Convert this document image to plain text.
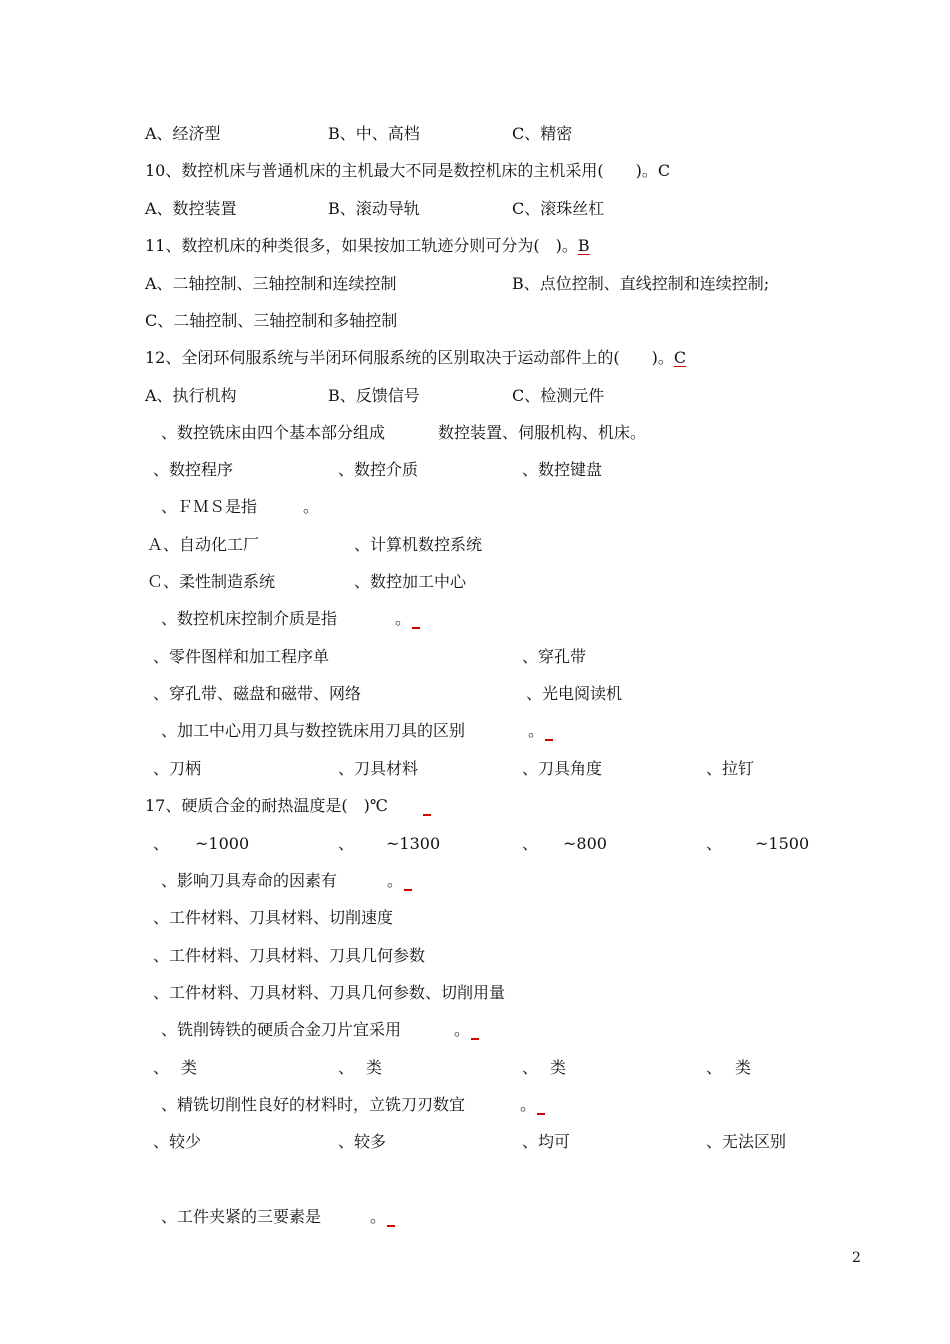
A、经济型	B、中、高档	C、精密
10、数控机床与普通机床的主机最大不同是数控机床的主机采用(　　)。C
A、数控装置	B、滚动导轨	C、滚珠丝杠
11、数控机床的种类很多，如果按加工轨迹分则可分为(　)。B
A、二轴控制、三轴控制和连续控制	B、点位控制、直线控制和连续控制;
C、二轴控制、三轴控制和多轴控制
12、全闭环伺服系统与半闭环伺服系统的区别取决于运动部件上的(　　)。C
A、执行机构	B、反馈信号	C、检测元件
、数控铣床由四个基本部分组成	数控装置、伺服机构、机床。
、数控程序	、数控介质	、数控键盘
、ＦＭＳ是指	。
Ａ、自动化工厂	、计算机数控系统
Ｃ、柔性制造系统	、数控加工中心
、数控机床控制介质是指	。
、零件图样和加工程序单	、穿孔带
、穿孔带、磁盘和磁带、网络	、光电阅读机
、加工中心用刀具与数控铣床用刀具的区别	。
、刀柄	、刀具材料	、刀具角度	、拉钉
17、硬质合金的耐热温度是(　)℃
、 ~1000	、 ~1300	、 ~800	、 ~1500
、影响刀具寿命的因素有	。
、工件材料、刀具材料、切削速度
、工件材料、刀具材料、刀具几何参数
、工件材料、刀具材料、刀具几何参数、切削用量
、铣削铸铁的硬质合金刀片宜采用	。
、 类	、 类	、 类	、 类
、精铣切削性良好的材料时，立铣刀刃数宜	。
、较少	、较多	、均可	、无法区别
、工件夹紧的三要素是	。
2
